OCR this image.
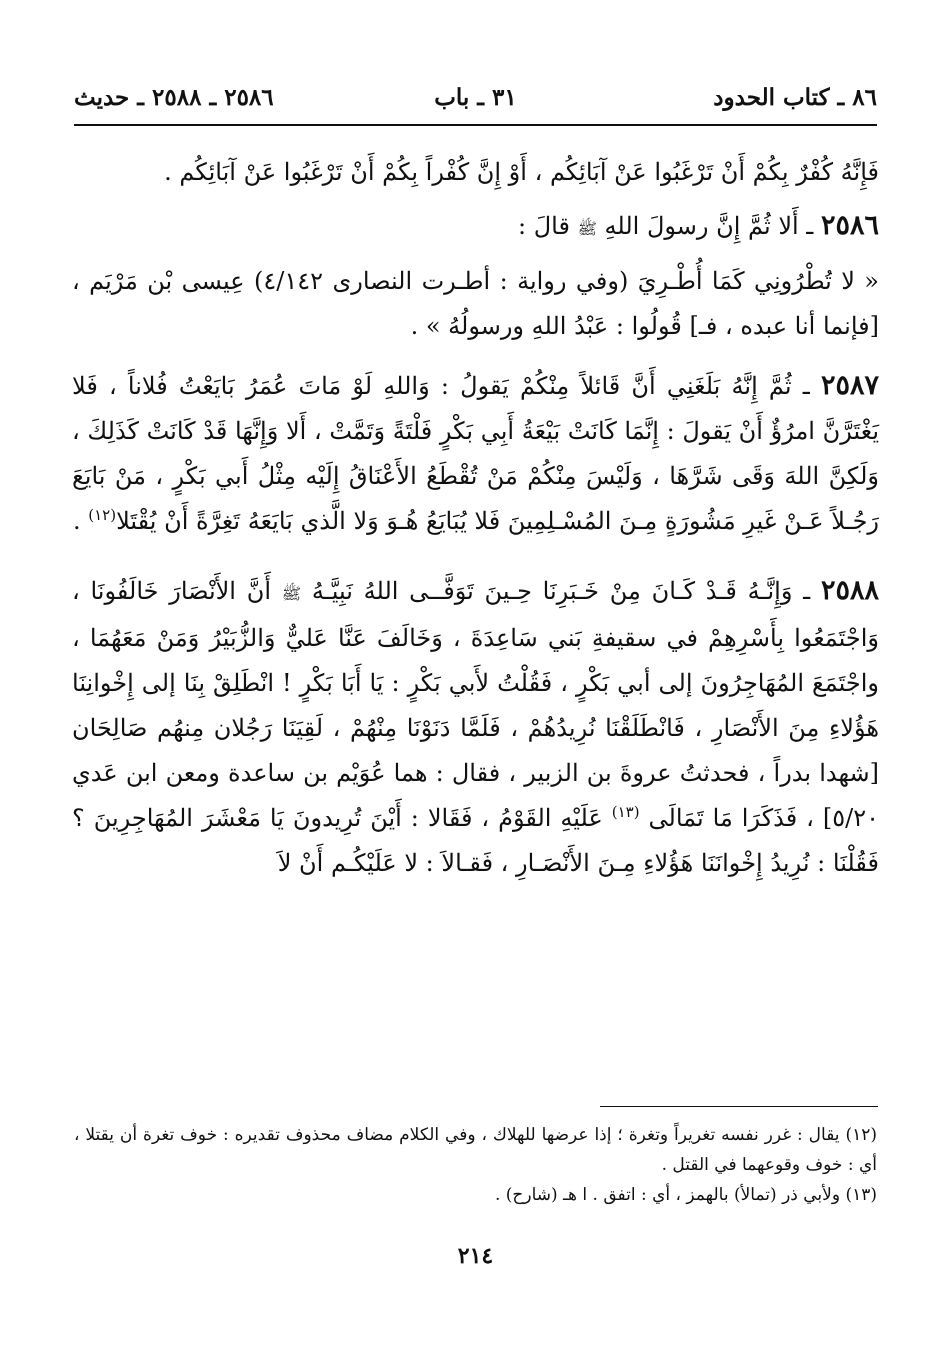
٨٦ ـ كتاب الحدود
٣١ ـ باب
٢٥٨٦ ـ ٢٥٨٨ ـ حديث

فَإِنَّهُ كُفْرٌ بِكُمْ أَنْ تَرْغَبُوا عَنْ آبَائِكُم ، أَوْ إِنَّ كُفْراً بِكُمْ أَنْ تَرْغَبُوا عَنْ آبَائِكُم .

٢٥٨٦ ـ أَلا ثُمَّ إِنَّ رسولَ اللهِ ﷺ قالَ :

« لا تُطْرُونِي كَمَا أُطْـرِيَ (وفي رواية : أطـرت النصارى ٤/١٤٢) عِيسى بْن مَرْيَم ، [فإنما أنا عبده ، فـ] قُولُوا : عَبْدُ اللهِ ورسولُهُ » .

٢٥٨٧ ـ ثُمَّ إِنَّهُ بَلَغَنِي أَنَّ قَائلاً مِنْكُمْ يَقولُ : وَاللهِ لَوْ مَاتَ عُمَرُ بَايَعْتُ فُلاناً ، فَلا يَغْتَرَّنَّ امرُؤٌ أَنْ يَقولَ : إِنَّمَا كَانَتْ بَيْعَةُ أَبِي بَكْرٍ فَلْتَةً وَتَمَّتْ ، أَلا وَإِنَّهَا قَدْ كَانَتْ كَذَلِكَ ، وَلَكِنَّ اللهَ وَقَى شَرَّهَا ، وَلَيْسَ مِنْكُمْ مَنْ تُقْطَعُ الأَعْنَاقُ إِلَيْه مِثْلُ أَبي بَكْرٍ ، مَنْ بَايَعَ رَجُـلاً عَـنْ غَيرِ مَشُورَةٍ مِـنَ المُسْـلِمِينَ فَلا يُبَايَعُ هُـوَ وَلا الَّذي بَايَعَهُ تَغِرَّةً أَنْ يُقْتَلا$^{(١٢)}$ .

٢٥٨٨ ـ وَإِنَّـهُ قَـدْ كَـانَ مِنْ خَـبَرِنَا حِـينَ تَوَفَّــى اللهُ نَبِيَّـهُ ﷺ أَنَّ الأَنْصَارَ خَالَفُونَا ، وَاجْتَمَعُوا بِأَسْرِهِمْ في سقيفةِ بَني سَاعِدَةَ ، وَخَالَفَ عَنَّا عَليٌّ وَالزُّبَيْرُ وَمَنْ مَعَهُمَا ، واجْتَمَعَ المُهَاجِرُونَ إلى أبي بَكْرٍ ، فَقُلْتُ لأَبي بَكْرٍ : يَا أَبَا بَكْرٍ ! انْطَلِقْ بِنَا إلى إِخْوانِنَا هَؤُلاءِ مِنَ الأَنْصَارِ ، فَانْطَلَقْنَا نُرِيدُهُمْ ، فَلَمَّا دَنَوْنَا مِنْهُمْ ، لَقِيَنَا رَجُلان مِنهُم صَالِحَان [شهدا بدراً ، فحدثتُ عروةَ بن الزبير ، فقال : هما عُوَيْم بن ساعدة ومعن ابن عَدي ٥/٢٠] ، فَذَكَرَا مَا تَمَالَى $^{(١٣)}$ عَلَيْهِ القَوْمُ ، فَقَالا : أَيْنَ تُرِيدونَ يَا مَعْشَرَ المُهَاجِرِينَ ؟ فَقُلْنَا : نُرِيدُ إِخْوانَنَا هَؤُلاءِ مِـنَ الأَنْصَـارِ ، فَقـالاَ : لا عَلَيْكُـم أَنْ لاَ

(١٢) يقال : غرر نفسه تغريراً وتغرة ؛ إذا عرضها للهلاك ، وفي الكلام مضاف محذوف تقديره : خوف تغرة أن يقتلا ، أي : خوف وقوعهما في القتل .

(١٣) ولأبي ذر (تمالأ) بالهمز ، أي : اتفق . ا هـ (شارح) .

٢١٤
